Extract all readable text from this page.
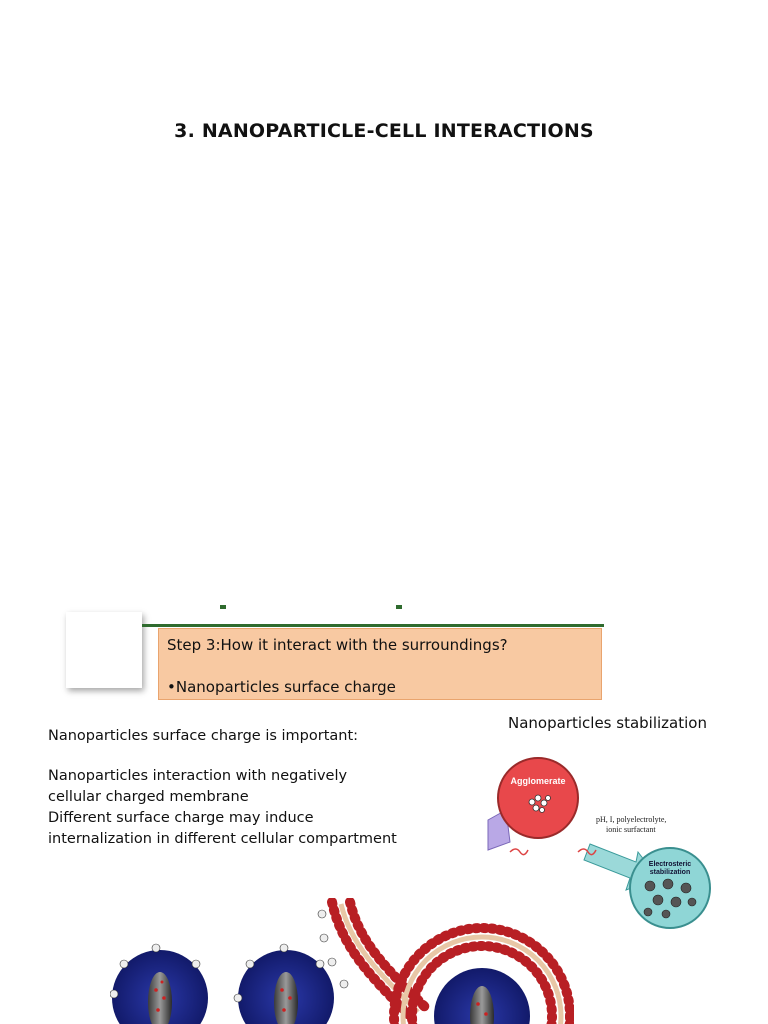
3. NANOPARTICLE-CELL INTERACTIONS
Step 3:How it interact with the surroundings?
•Nanoparticles surface charge
Nanoparticles surface charge is important:
Nanoparticles interaction with negatively
cellular charged membrane
Different surface charge may induce
internalization in different cellular compartment
Nanoparticles stabilization
Agglomerate
pH, I, polyelectrolyte,
ionic surfactant
Electrosteric
stabilization
